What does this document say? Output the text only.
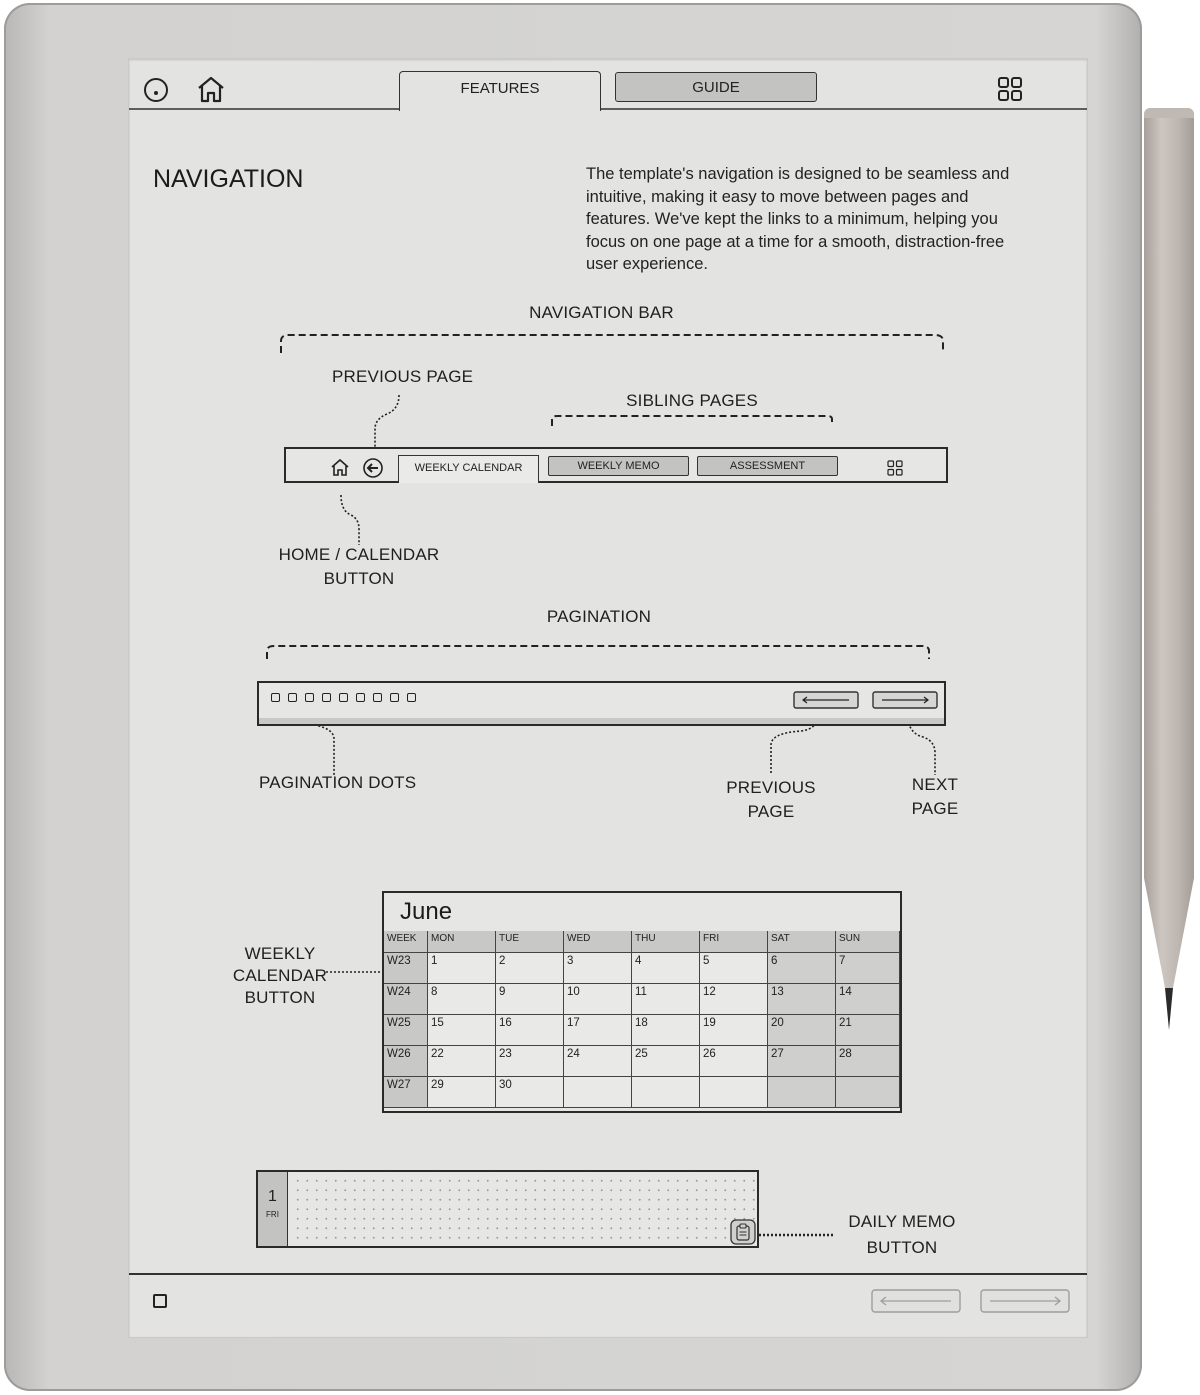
FEATURES	GUIDE
NAVIGATION	The template's navigation is designed to be seamless and intuitive, making it easy to move between pages and features. We've kept the links to a minimum, helping you focus on one page at a time for a smooth, distraction-free user experience.
NAVIGATION BAR
PREVIOUS PAGE
SIBLING PAGES
WEEKLY CALENDAR	WEEKLY MEMO	ASSESSMENT
HOME / CALENDAR
BUTTON
PAGINATION
PAGINATION DOTS	PREVIOUS
PAGE
NEXT
PAGE
WEEKLY
CALENDAR
BUTTON
June
WEEK	MON	TUE	WED	THU	FRI	SAT	SUN
W23	1	2	3	4	5	6	7
W24	8	9	10	11	12	13	14
W25	15	16	17	18	19	20	21
W26	22	23	24	25	26	27	28
W27	29	30
1
FRI	DAILY MEMO
BUTTON
